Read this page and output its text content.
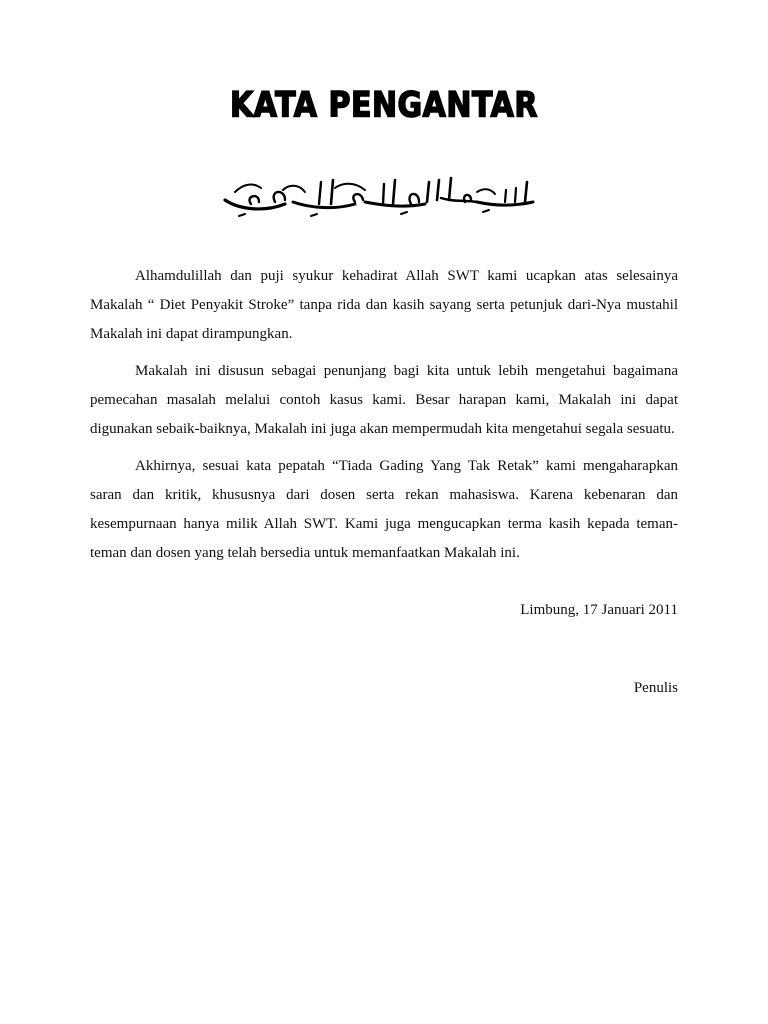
KATA PENGANTAR

Alhamdulillah dan puji syukur kehadirat Allah SWT kami ucapkan atas selesainya Makalah “ Diet Penyakit Stroke” tanpa rida dan kasih sayang serta petunjuk dari-Nya mustahil Makalah ini dapat dirampungkan.

Makalah ini disusun sebagai penunjang bagi kita untuk lebih mengetahui bagaimana pemecahan masalah melalui contoh kasus kami. Besar harapan kami, Makalah ini dapat digunakan sebaik-baiknya, Makalah ini juga akan mempermudah kita mengetahui segala sesuatu.

Akhirnya, sesuai kata pepatah “Tiada Gading Yang Tak Retak” kami mengaharapkan saran dan kritik, khususnya dari dosen serta rekan mahasiswa. Karena kebenaran dan kesempurnaan hanya milik Allah SWT. Kami juga mengucapkan terma kasih kepada teman-teman dan dosen yang telah bersedia untuk memanfaatkan Makalah ini.

Limbung, 17 Januari 2011
Penulis
